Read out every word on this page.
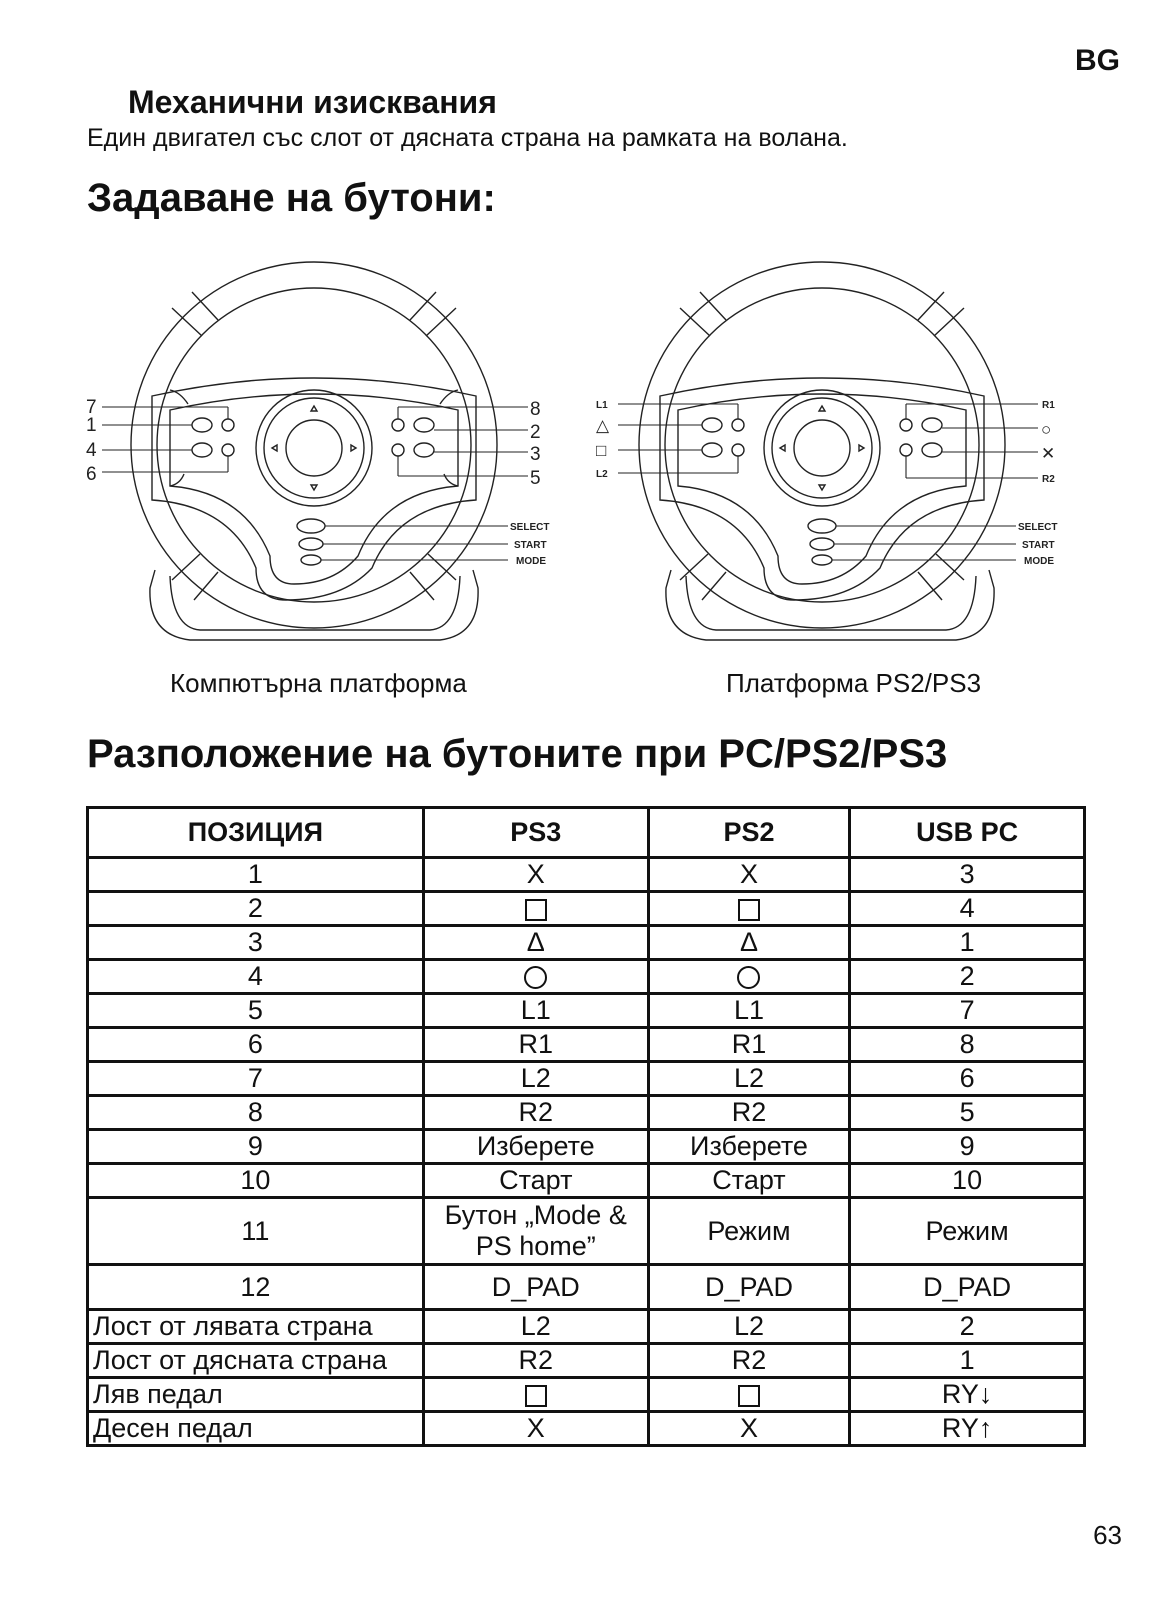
BG
Механични изисквания
Един двигател със слот от дясната страна на рамката на волана.
Задаване на бутони:
7
1
4
6
8
2
3
5
SELECT
START
MODE
L1
L2
R1
R2
△
□
○
✕
SELECT
START
MODE
Компютърна платформа	Платформа PS2/PS3
Разположение на бутоните при PC/PS2/PS3
ПОЗИЦИЯ	PS3	PS2	USB PC
1	X	X	3
2			4
3	Δ	Δ	1
4			2
5	L1	L1	7
6	R1	R1	8
7	L2	L2	6
8	R2	R2	5
9	Изберете	Изберете	9
10	Старт	Старт	10
11	Бутон „Mode & PS home”	Режим	Режим
12	D_PAD	D_PAD	D_PAD
Лост от лявата страна	L2	L2	2
Лост от дясната страна	R2	R2	1
Ляв педал			RY↓
Десен педал	X	X	RY↑
63
